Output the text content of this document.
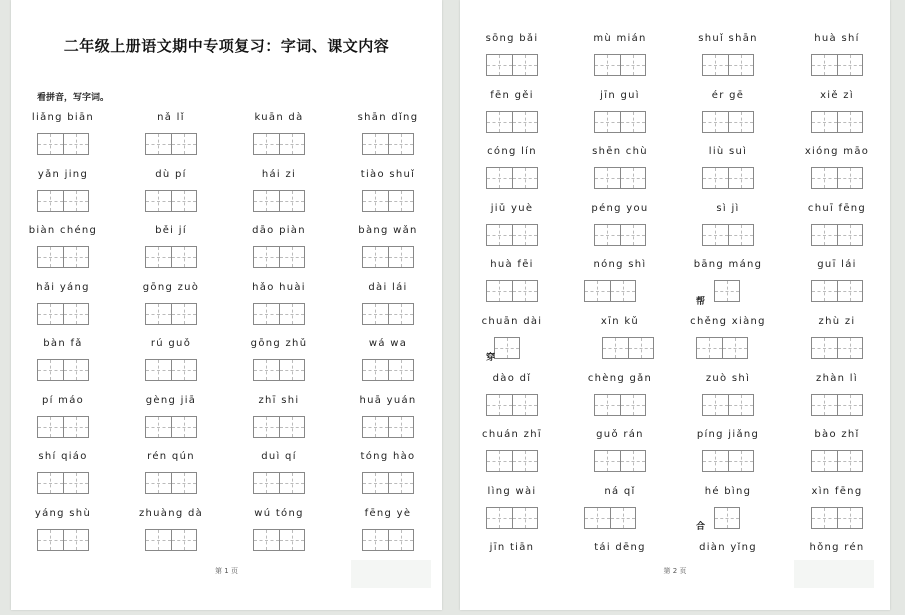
二年级上册语文期中专项复习：字词、课文内容
看拼音，写字词。
liǎng biān	nǎ lǐ	kuān dà	shān dǐng
yǎn jing	dù pí	hái zi	tiào shuǐ
biàn chéng	běi jí	dāo piàn	bàng wǎn
hǎi yáng	gōng zuò	hǎo huài	dài lái
bàn fǎ	rú guǒ	gōng zhǔ	wá wa
pí máo	gèng jiā	zhī shi	huā yuán
shí qiáo	rén qún	duì qí	tóng hào
yáng shù	zhuàng dà	wú tóng	fēng yè
第 1 页
sōng bǎi	mù mián	shuǐ shān	huà shí
fēn gěi	jīn guì	ér gē	xiě zì
cóng lín	shēn chù	liù suì	xióng māo
jiǔ yuè	péng you	sì jì	chuī fēng
huà fēi	nóng shì	bāng máng	guī lái
chuān dài	xīn kǔ	chěng xiàng	zhù zi
dào dǐ	chèng gǎn	zuò shì	zhàn lì
chuán zhī	guǒ rán	píng jiǎng	bào zhǐ
lìng wài	ná qǐ	hé bìng	xìn fēng
jīn tiān	tái dēng	diàn yǐng	hǒng rén
帮
穿
合
第 2 页
